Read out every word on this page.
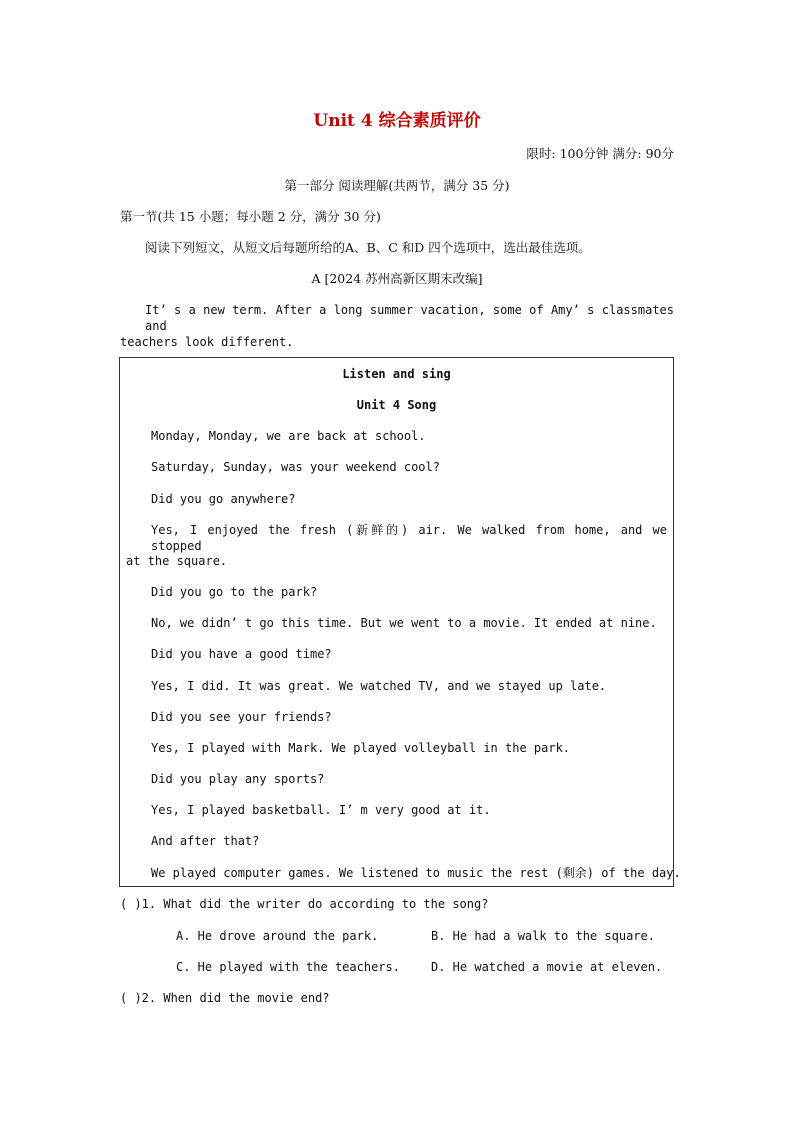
Unit 4 综合素质评价
限时: 100分钟 满分: 90分
第一部分 阅读理解(共两节，满分 35 分)
第一节(共 15 小题；每小题 2 分，满分 30 分)
阅读下列短文，从短文后每题所给的A、B、C 和D 四个选项中，选出最佳选项。
A [2024 苏州高新区期末改编]
It’ s a new term. After a long summer vacation, some of Amy’ s classmates and
teachers look different.
Listen and sing
Unit 4 Song
Monday, Monday, we are back at school.
Saturday, Sunday, was your weekend cool?
Did you go anywhere?
Yes, I enjoyed the fresh (新鲜的) air. We walked from home, and we stopped
at the square.
Did you go to the park?
No, we didn’ t go this time. But we went to a movie. It ended at nine.
Did you have a good time?
Yes, I did. It was great. We watched TV, and we stayed up late.
Did you see your friends?
Yes, I played with Mark. We played volleyball in the park.
Did you play any sports?
Yes, I played basketball. I’ m very good at it.
And after that?
We played computer games. We listened to music the rest (剩余) of the day.
( )1. What did the writer do according to the song?
A. He drove around the park.	B. He had a walk to the square.
C. He played with the teachers.	D. He watched a movie at eleven.
( )2. When did the movie end?
